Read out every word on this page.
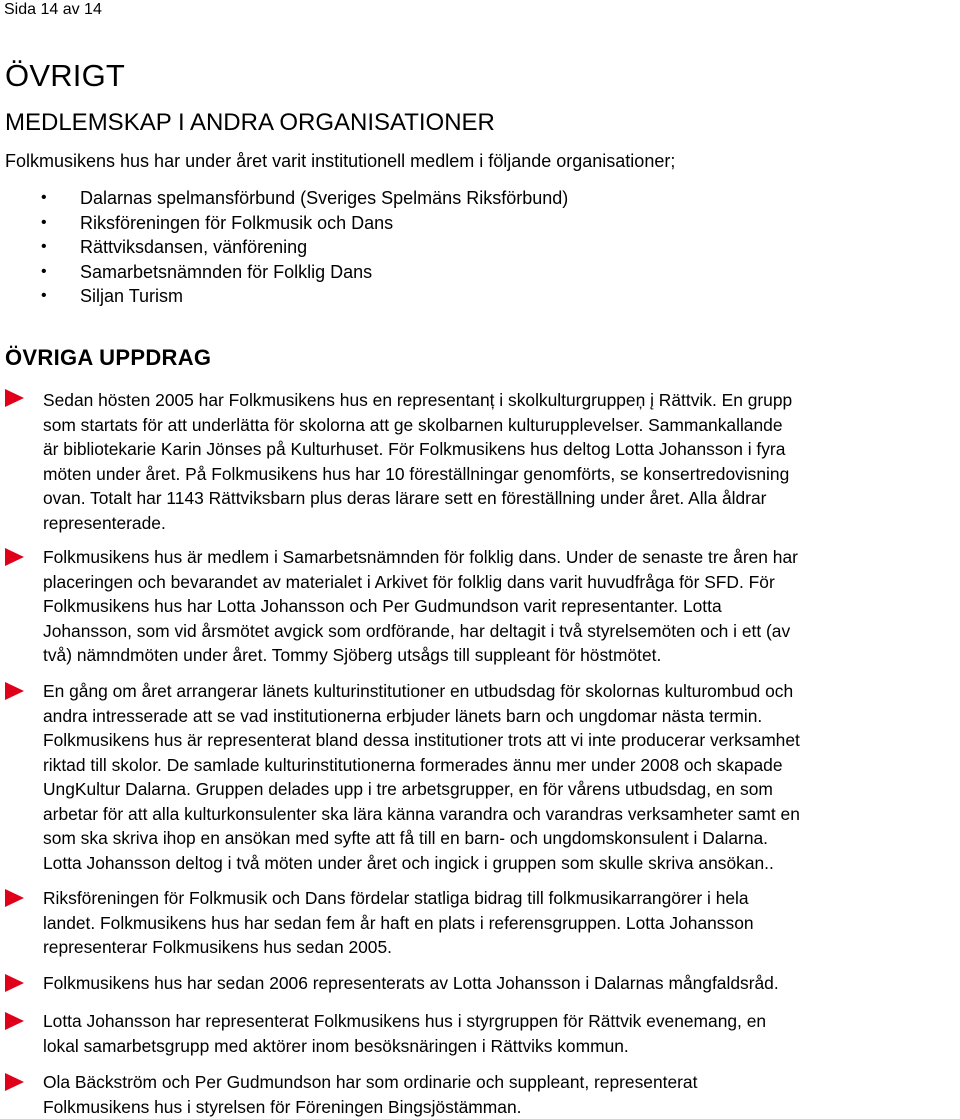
Sida 14 av 14
ÖVRIGT
MEDLEMSKAP I ANDRA ORGANISATIONER

Folkmusikens hus har under året varit institutionell medlem i följande organisationer;

• Dalarnas spelmansförbund (Sveriges Spelmäns Riksförbund)
• Riksföreningen för Folkmusik och Dans
• Rättviksdansen, vänförening
• Samarbetsnämnden för Folklig Dans
• Siljan Turism
ÖVRIGA UPPDRAG
Sedan hösten 2005 har Folkmusikens hus en representanț i skolkulturgruppeņ į Rättvik. En grupp
som startats för att underlätta för skolorna att ge skolbarnen kulturupplevelser. Sammankallande
är bibliotekarie Karin Jönses på Kulturhuset. För Folkmusikens hus deltog Lotta Johansson i fyra
möten under året. På Folkmusikens hus har 10 föreställningar genomförts, se konsertredovisning
ovan. Totalt har 1143 Rättviksbarn plus deras lärare sett en föreställning under året. Alla åldrar
representerade.
Folkmusikens hus är medlem i Samarbetsnämnden för folklig dans. Under de senaste tre åren har
placeringen och bevarandet av materialet i Arkivet för folklig dans varit huvudfråga för SFD. För
Folkmusikens hus har Lotta Johansson och Per Gudmundson varit representanter. Lotta
Johansson, som vid årsmötet avgick som ordförande, har deltagit i två styrelsemöten och i ett (av
två) nämndmöten under året. Tommy Sjöberg utsågs till suppleant för höstmötet.
En gång om året arrangerar länets kulturinstitutioner en utbudsdag för skolornas kulturombud och
andra intresserade att se vad institutionerna erbjuder länets barn och ungdomar nästa termin.
Folkmusikens hus är representerat bland dessa institutioner trots att vi inte producerar verksamhet
riktad till skolor. De samlade kulturinstitutionerna formerades ännu mer under 2008 och skapade
UngKultur Dalarna. Gruppen delades upp i tre arbetsgrupper, en för vårens utbudsdag, en som
arbetar för att alla kulturkonsulenter ska lära känna varandra och varandras verksamheter samt en
som ska skriva ihop en ansökan med syfte att få till en barn- och ungdomskonsulent i Dalarna.
Lotta Johansson deltog i två möten under året och ingick i gruppen som skulle skriva ansökan..
Riksföreningen för Folkmusik och Dans fördelar statliga bidrag till folkmusikarrangörer i hela
landet. Folkmusikens hus har sedan fem år haft en plats i referensgruppen. Lotta Johansson
representerar Folkmusikens hus sedan 2005.
Folkmusikens hus har sedan 2006 representerats av Lotta Johansson i Dalarnas mångfaldsråd.
Lotta Johansson har representerat Folkmusikens hus i styrgruppen för Rättvik evenemang, en
lokal samarbetsgrupp med aktörer inom besöksnäringen i Rättviks kommun.
Ola Bäckström och Per Gudmundson har som ordinarie och suppleant, representerat
Folkmusikens hus i styrelsen för Föreningen Bingsjöstämman.
